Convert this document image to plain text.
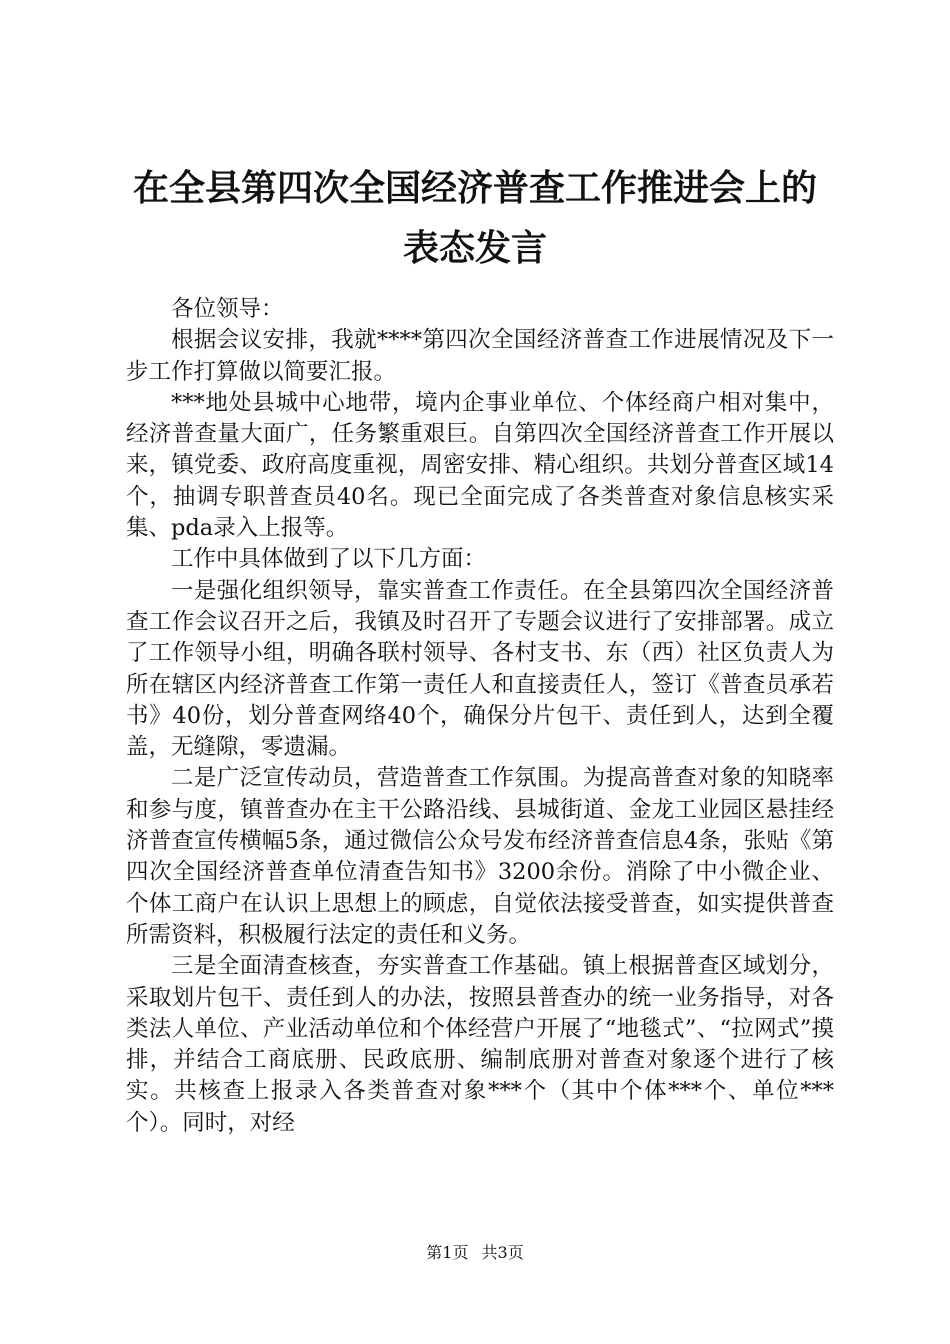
在全县第四次全国经济普查工作推进会上的表态发言

各位领导：

根据会议安排，我就****第四次全国经济普查工作进展情况及下一步工作打算做以简要汇报。

***地处县城中心地带，境内企事业单位、个体经商户相对集中，经济普查量大面广，任务繁重艰巨。自第四次全国经济普查工作开展以来，镇党委、政府高度重视，周密安排、精心组织。共划分普查区域14个，抽调专职普查员40名。现已全面完成了各类普查对象信息核实采集、pda录入上报等。

工作中具体做到了以下几方面：

一是强化组织领导，靠实普查工作责任。在全县第四次全国经济普查工作会议召开之后，我镇及时召开了专题会议进行了安排部署。成立了工作领导小组，明确各联村领导、各村支书、东（西）社区负责人为所在辖区内经济普查工作第一责任人和直接责任人，签订《普查员承若书》40份，划分普查网络40个，确保分片包干、责任到人，达到全覆盖，无缝隙，零遗漏。

二是广泛宣传动员，营造普查工作氛围。为提高普查对象的知晓率和参与度，镇普查办在主干公路沿线、县城街道、金龙工业园区悬挂经济普查宣传横幅5条，通过微信公众号发布经济普查信息4条，张贴《第四次全国经济普查单位清查告知书》3200余份。消除了中小微企业、个体工商户在认识上思想上的顾虑，自觉依法接受普查，如实提供普查所需资料，积极履行法定的责任和义务。

三是全面清查核查，夯实普查工作基础。镇上根据普查区域划分，采取划片包干、责任到人的办法，按照县普查办的统一业务指导，对各类法人单位、产业活动单位和个体经营户开展了“地毯式”、“拉网式”摸排，并结合工商底册、民政底册、编制底册对普查对象逐个进行了核实。共核查上报录入各类普查对象***个（其中个体***个、单位***个）。同时，对经

第1页 共3页
